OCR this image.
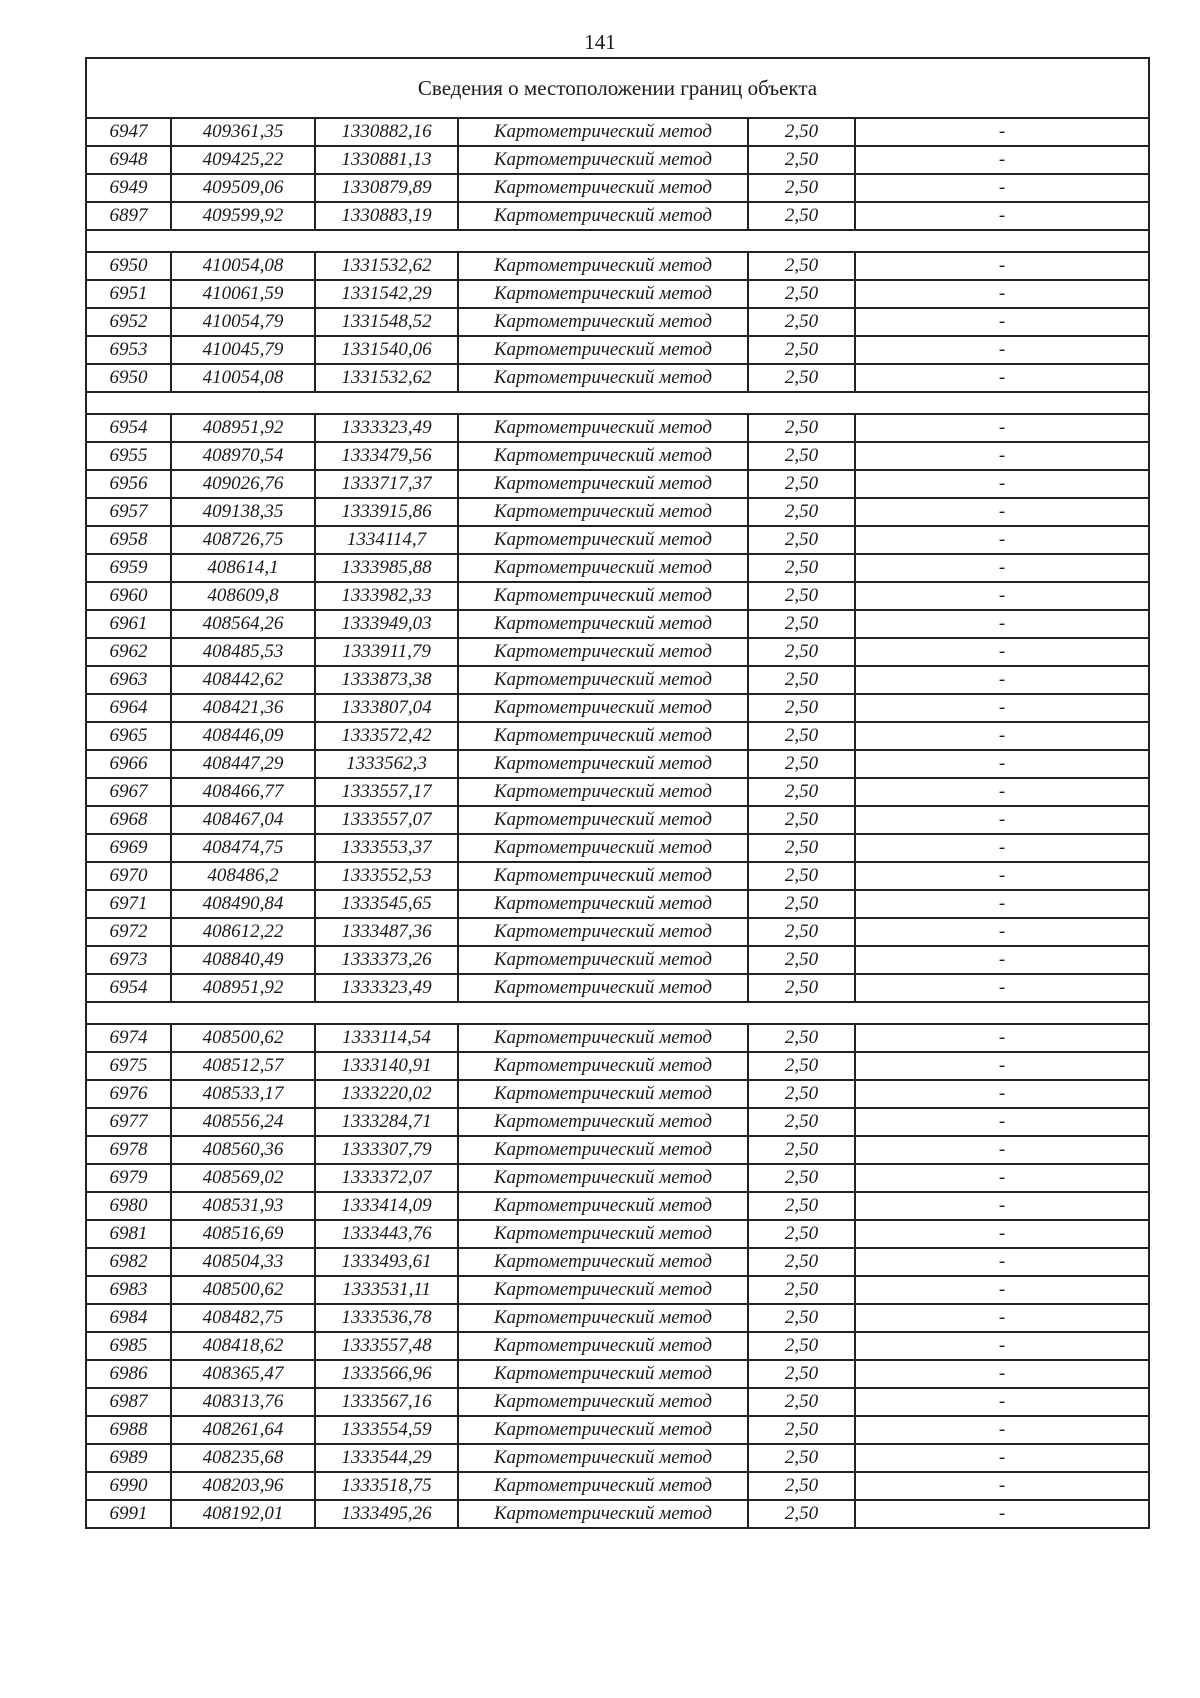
141
Сведения о местоположении границ объекта					
6947	409361,35	1330882,16	Картометрический метод	2,50	-
6948	409425,22	1330881,13	Картометрический метод	2,50	-
6949	409509,06	1330879,89	Картометрический метод	2,50	-
6897	409599,92	1330883,19	Картометрический метод	2,50	-

6950	410054,08	1331532,62	Картометрический метод	2,50	-
6951	410061,59	1331542,29	Картометрический метод	2,50	-
6952	410054,79	1331548,52	Картометрический метод	2,50	-
6953	410045,79	1331540,06	Картометрический метод	2,50	-
6950	410054,08	1331532,62	Картометрический метод	2,50	-

6954	408951,92	1333323,49	Картометрический метод	2,50	-
6955	408970,54	1333479,56	Картометрический метод	2,50	-
6956	409026,76	1333717,37	Картометрический метод	2,50	-
6957	409138,35	1333915,86	Картометрический метод	2,50	-
6958	408726,75	1334114,7	Картометрический метод	2,50	-
6959	408614,1	1333985,88	Картометрический метод	2,50	-
6960	408609,8	1333982,33	Картометрический метод	2,50	-
6961	408564,26	1333949,03	Картометрический метод	2,50	-
6962	408485,53	1333911,79	Картометрический метод	2,50	-
6963	408442,62	1333873,38	Картометрический метод	2,50	-
6964	408421,36	1333807,04	Картометрический метод	2,50	-
6965	408446,09	1333572,42	Картометрический метод	2,50	-
6966	408447,29	1333562,3	Картометрический метод	2,50	-
6967	408466,77	1333557,17	Картометрический метод	2,50	-
6968	408467,04	1333557,07	Картометрический метод	2,50	-
6969	408474,75	1333553,37	Картометрический метод	2,50	-
6970	408486,2	1333552,53	Картометрический метод	2,50	-
6971	408490,84	1333545,65	Картометрический метод	2,50	-
6972	408612,22	1333487,36	Картометрический метод	2,50	-
6973	408840,49	1333373,26	Картометрический метод	2,50	-
6954	408951,92	1333323,49	Картометрический метод	2,50	-

6974	408500,62	1333114,54	Картометрический метод	2,50	-
6975	408512,57	1333140,91	Картометрический метод	2,50	-
6976	408533,17	1333220,02	Картометрический метод	2,50	-
6977	408556,24	1333284,71	Картометрический метод	2,50	-
6978	408560,36	1333307,79	Картометрический метод	2,50	-
6979	408569,02	1333372,07	Картометрический метод	2,50	-
6980	408531,93	1333414,09	Картометрический метод	2,50	-
6981	408516,69	1333443,76	Картометрический метод	2,50	-
6982	408504,33	1333493,61	Картометрический метод	2,50	-
6983	408500,62	1333531,11	Картометрический метод	2,50	-
6984	408482,75	1333536,78	Картометрический метод	2,50	-
6985	408418,62	1333557,48	Картометрический метод	2,50	-
6986	408365,47	1333566,96	Картометрический метод	2,50	-
6987	408313,76	1333567,16	Картометрический метод	2,50	-
6988	408261,64	1333554,59	Картометрический метод	2,50	-
6989	408235,68	1333544,29	Картометрический метод	2,50	-
6990	408203,96	1333518,75	Картометрический метод	2,50	-
6991	408192,01	1333495,26	Картометрический метод	2,50	-
